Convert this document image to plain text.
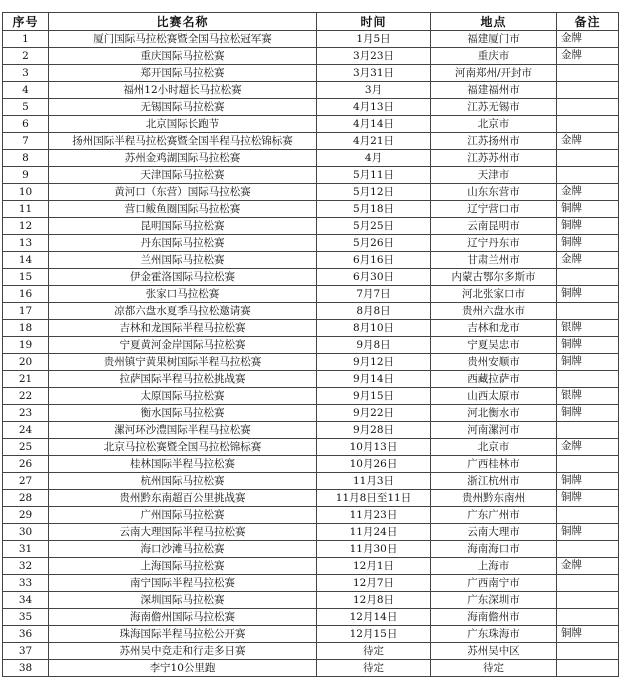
序号	比赛名称	时间	地点	备注
1	厦门国际马拉松赛暨全国马拉松冠军赛	1月5日	福建厦门市	金牌
2	重庆国际马拉松赛	3月23日	重庆市	金牌
3	郑开国际马拉松赛	3月31日	河南郑州/开封市	
4	福州12小时超长马拉松赛	3月	福建福州市	
5	无锡国际马拉松赛	4月13日	江苏无锡市	
6	北京国际长跑节	4月14日	北京市	
7	扬州国际半程马拉松赛暨全国半程马拉松锦标赛	4月21日	江苏扬州市	金牌
8	苏州金鸡湖国际马拉松赛	4月	江苏苏州市	
9	天津国际马拉松赛	5月11日	天津市	
10	黄河口（东营）国际马拉松赛	5月12日	山东东营市	金牌
11	营口鲅鱼圈国际马拉松赛	5月18日	辽宁营口市	铜牌
12	昆明国际马拉松赛	5月25日	云南昆明市	铜牌
13	丹东国际马拉松赛	5月26日	辽宁丹东市	铜牌
14	兰州国际马拉松赛	6月16日	甘肃兰州市	金牌
15	伊金霍洛国际马拉松赛	6月30日	内蒙古鄂尔多斯市	
16	张家口马拉松赛	7月7日	河北张家口市	铜牌
17	凉都六盘水夏季马拉松邀请赛	8月8日	贵州六盘水市	
18	吉林和龙国际半程马拉松赛	8月10日	吉林和龙市	银牌
19	宁夏黄河金岸国际马拉松赛	9月8日	宁夏吴忠市	铜牌
20	贵州镇宁黄果树国际半程马拉松赛	9月12日	贵州安顺市	铜牌
21	拉萨国际半程马拉松挑战赛	9月14日	西藏拉萨市	
22	太原国际马拉松赛	9月15日	山西太原市	银牌
23	衡水国际马拉松赛	9月22日	河北衡水市	铜牌
24	漯河环沙澧国际半程马拉松赛	9月28日	河南漯河市	
25	北京马拉松赛暨全国马拉松锦标赛	10月13日	北京市	金牌
26	桂林国际半程马拉松赛	10月26日	广西桂林市	
27	杭州国际马拉松赛	11月3日	浙江杭州市	铜牌
28	贵州黔东南超百公里挑战赛	11月8日至11日	贵州黔东南州	铜牌
29	广州国际马拉松赛	11月23日	广东广州市	
30	云南大理国际半程马拉松赛	11月24日	云南大理市	铜牌
31	海口沙滩马拉松赛	11月30日	海南海口市	
32	上海国际马拉松赛	12月1日	上海市	金牌
33	南宁国际半程马拉松赛	12月7日	广西南宁市	
34	深圳国际马拉松赛	12月8日	广东深圳市	
35	海南儋州国际马拉松赛	12月14日	海南儋州市	
36	珠海国际半程马拉松公开赛	12月15日	广东珠海市	铜牌
37	苏州吴中竞走和行走多日赛	待定	苏州吴中区	
38	李宁10公里跑	待定	待定	
